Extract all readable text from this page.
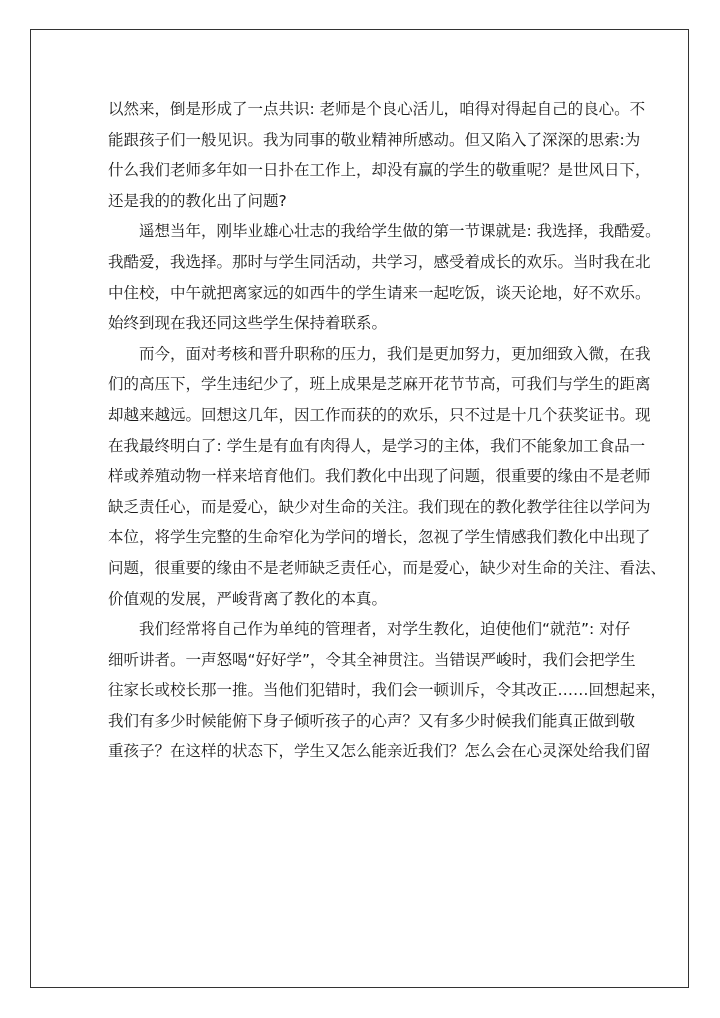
以然来，倒是形成了一点共识: 老师是个良心活儿，咱得对得起自己的良心。不
能跟孩子们一般见识。我为同事的敬业精神所感动。但又陷入了深深的思索:为
什么我们老师多年如一日扑在工作上，却没有赢的学生的敬重呢？是世风日下，
还是我的的教化出了问题?

遥想当年，刚毕业雄心壮志的我给学生做的第一节课就是: 我选择，我酷爱。
我酷爱，我选择。那时与学生同活动，共学习，感受着成长的欢乐。当时我在北
中住校，中午就把离家远的如西牛的学生请来一起吃饭，谈天论地，好不欢乐。
始终到现在我还同这些学生保持着联系。

而今，面对考核和晋升职称的压力，我们是更加努力，更加细致入微，在我
们的高压下，学生违纪少了，班上成果是芝麻开花节节高，可我们与学生的距离
却越来越远。回想这几年，因工作而获的的欢乐，只不过是十几个获奖证书。现
在我最终明白了: 学生是有血有肉得人，是学习的主体，我们不能象加工食品一
样或养殖动物一样来培育他们。我们教化中出现了问题，很重要的缘由不是老师
缺乏责任心，而是爱心，缺少对生命的关注。我们现在的教化教学往往以学问为
本位，将学生完整的生命窄化为学问的增长，忽视了学生情感我们教化中出现了
问题，很重要的缘由不是老师缺乏责任心，而是爱心，缺少对生命的关注、看法、
价值观的发展，严峻背离了教化的本真。

我们经常将自己作为单纯的管理者，对学生教化，迫使他们“就范”: 对仔
细听讲者。一声怒喝“好好学”，令其全神贯注。当错误严峻时，我们会把学生
往家长或校长那一推。当他们犯错时，我们会一顿训斥，令其改正……回想起来，
我们有多少时候能俯下身子倾听孩子的心声？又有多少时候我们能真正做到敬
重孩子？在这样的状态下，学生又怎么能亲近我们？怎么会在心灵深处给我们留
